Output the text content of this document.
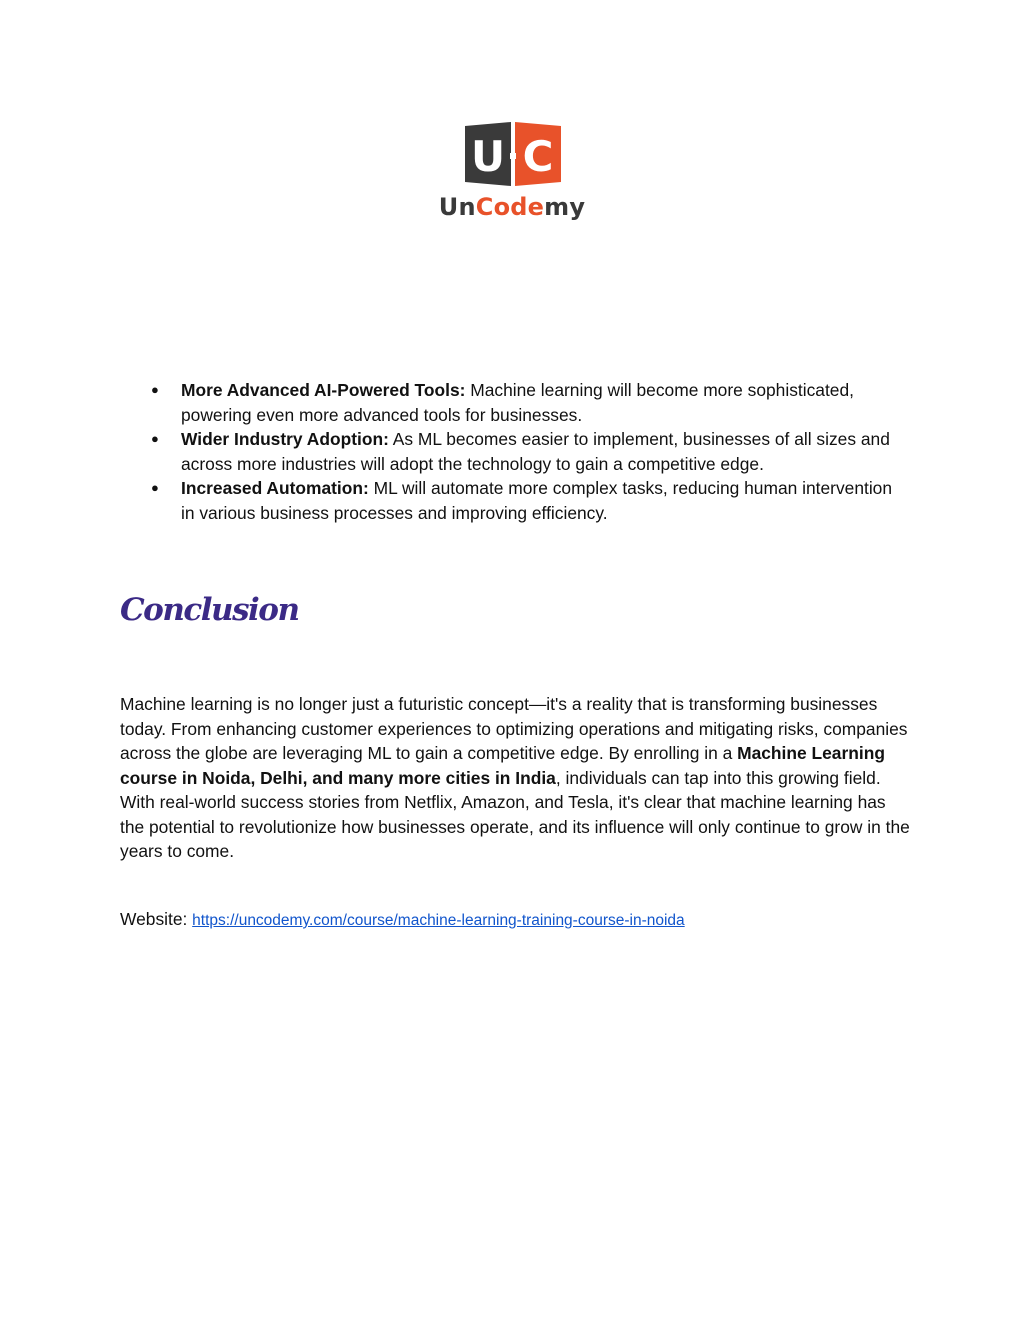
U C
UnCodemy
● More Advanced AI-Powered Tools: Machine learning will become more sophisticated, powering even more advanced tools for businesses.
● Wider Industry Adoption: As ML becomes easier to implement, businesses of all sizes and across more industries will adopt the technology to gain a competitive edge.
● Increased Automation: ML will automate more complex tasks, reducing human intervention in various business processes and improving efficiency.
Conclusion

Machine learning is no longer just a futuristic concept—it's a reality that is transforming businesses today. From enhancing customer experiences to optimizing operations and mitigating risks, companies across the globe are leveraging ML to gain a competitive edge. By enrolling in a Machine Learning course in Noida, Delhi, and many more cities in India, individuals can tap into this growing field. With real-world success stories from Netflix, Amazon, and Tesla, it's clear that machine learning has the potential to revolutionize how businesses operate, and its influence will only continue to grow in the years to come.

Website: https://uncodemy.com/course/machine-learning-training-course-in-noida
